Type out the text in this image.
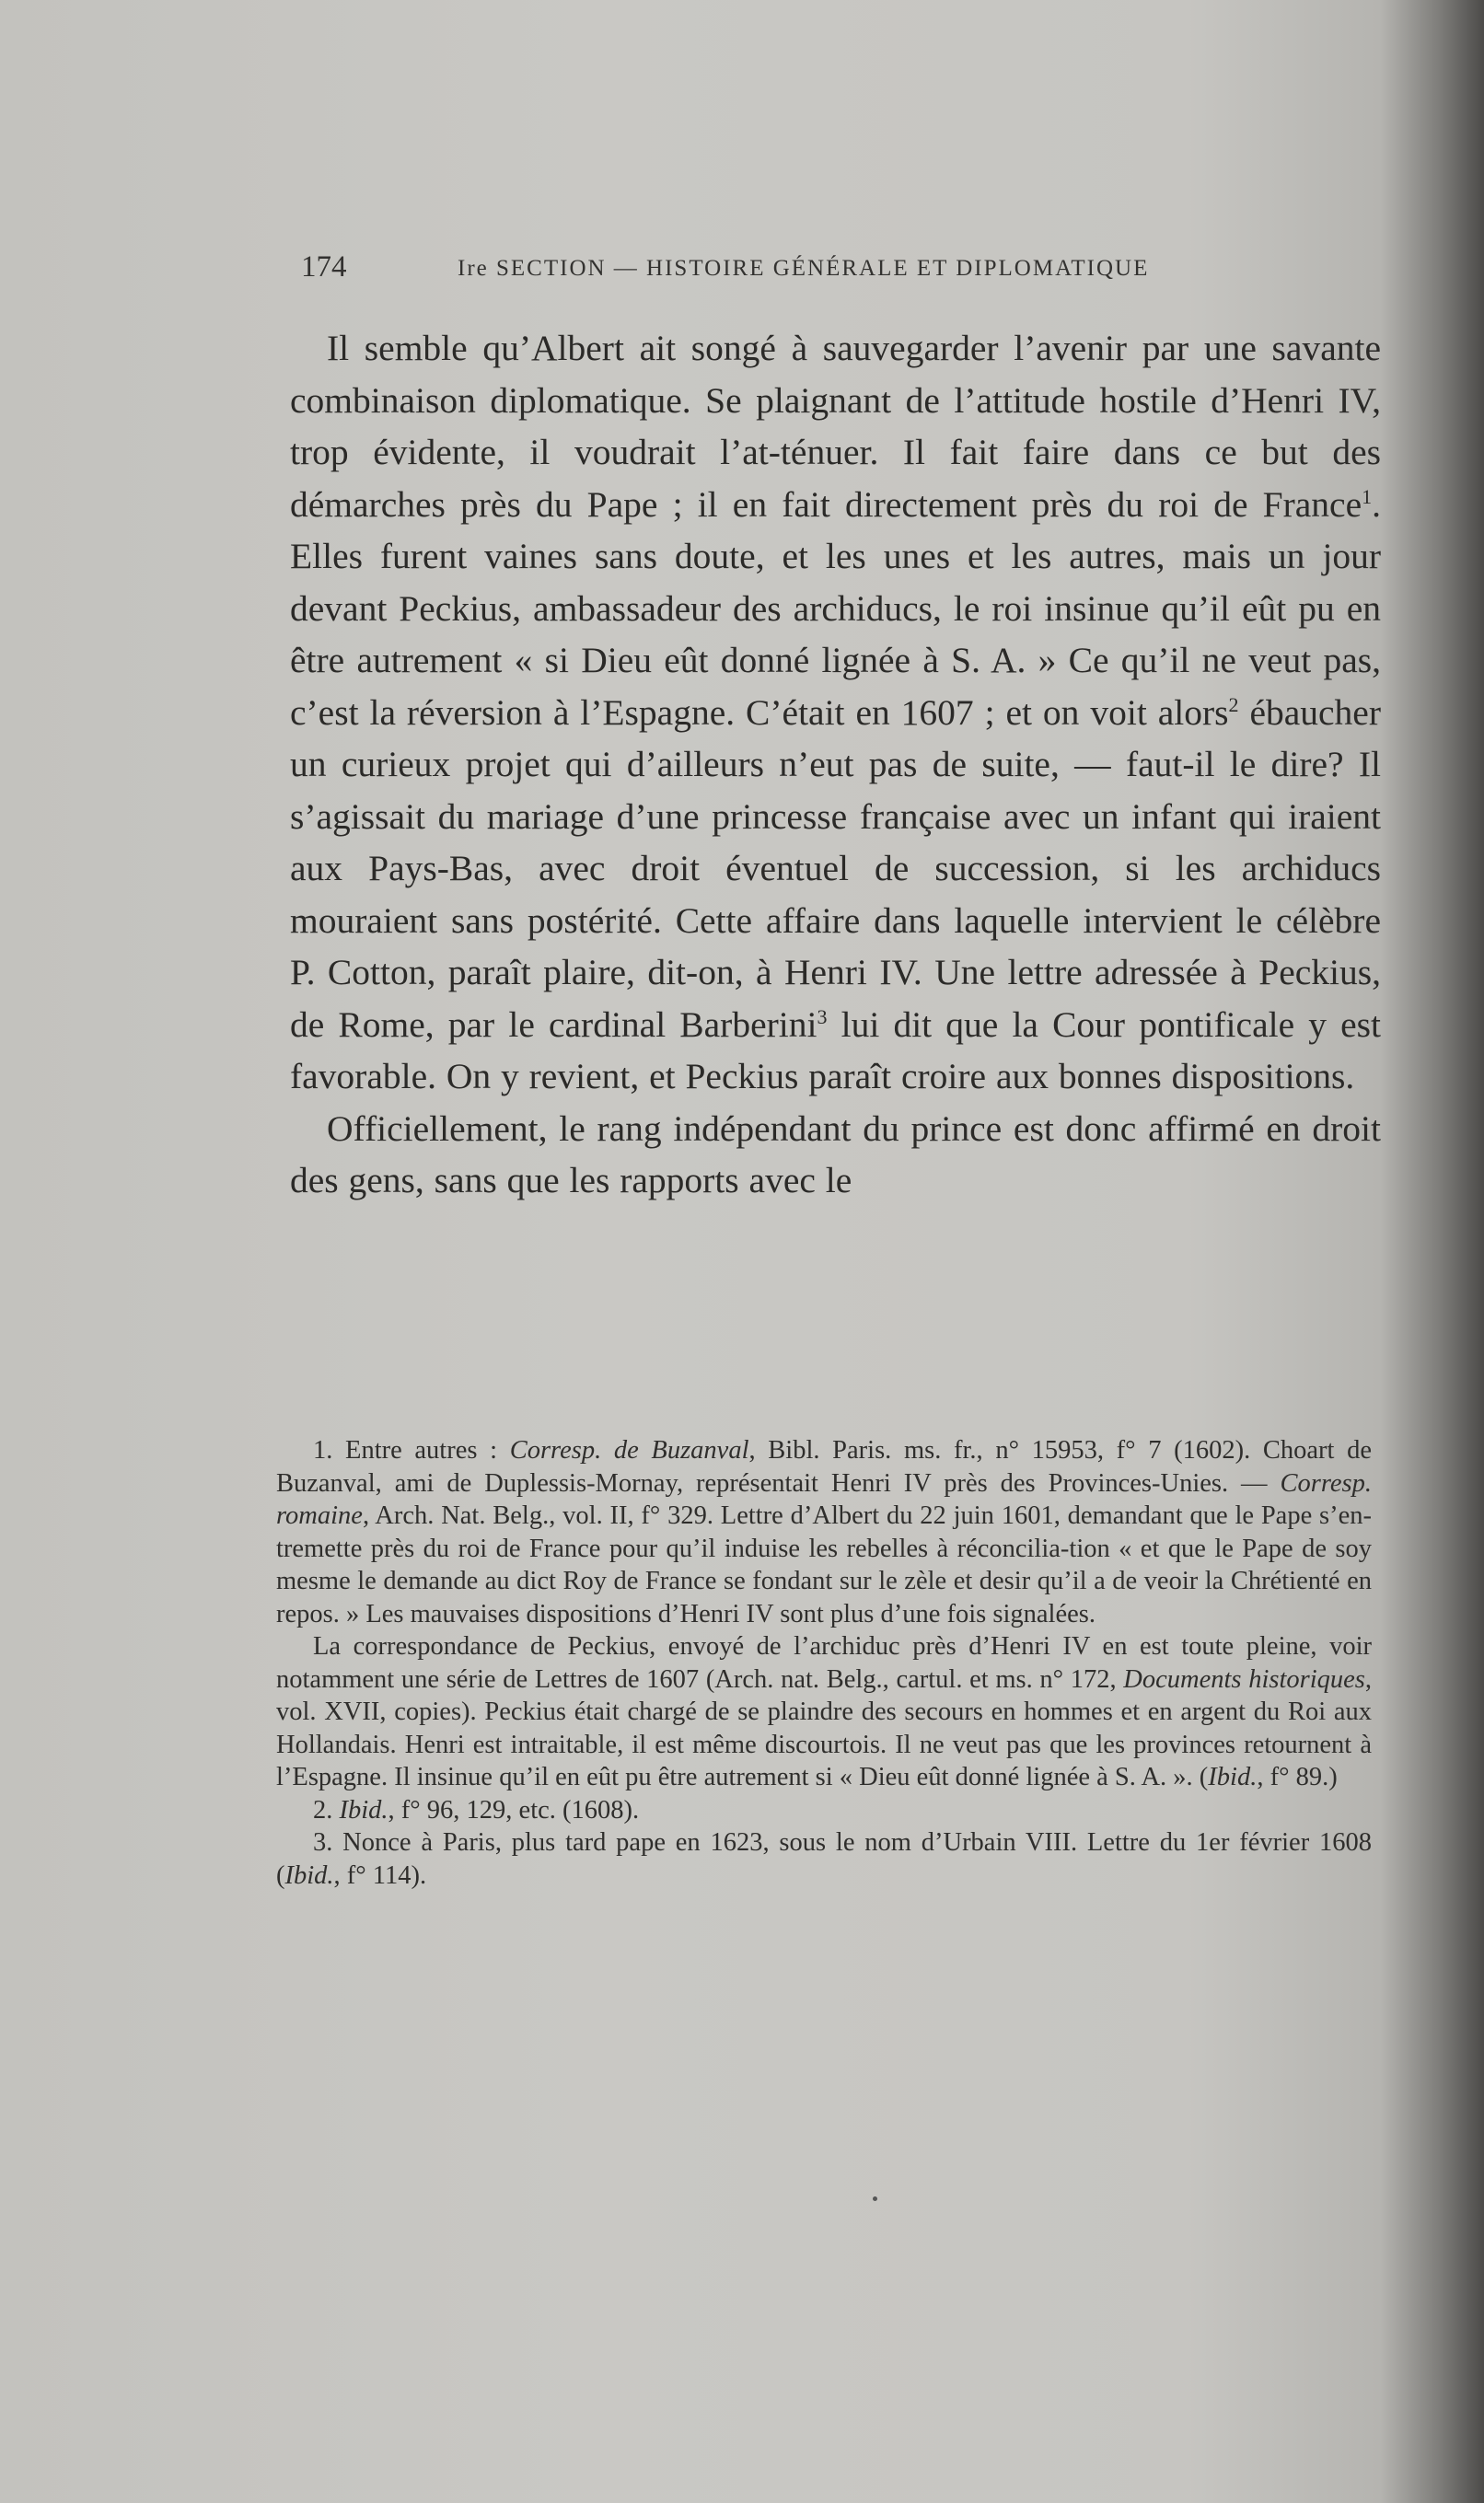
174	Ire SECTION — HISTOIRE GÉNÉRALE ET DIPLOMATIQUE

Il semble qu’Albert ait songé à sauvegarder l’avenir par une savante combinaison diplomatique. Se plaignant de l’attitude hostile d’Henri IV, trop évidente, il voudrait l’at-ténuer. Il fait faire dans ce but des démarches près du Pape ; il en fait directement près du roi de France$^1$. Elles furent vaines sans doute, et les unes et les autres, mais un jour devant Peckius, ambassadeur des archiducs, le roi insinue qu’il eût pu en être autrement « si Dieu eût donné lignée à S. A. » Ce qu’il ne veut pas, c’est la réversion à l’Espagne. C’était en 1607 ; et on voit alors$^2$ ébaucher un curieux projet qui d’ailleurs n’eut pas de suite, — faut-il le dire? Il s’agissait du mariage d’une princesse française avec un infant qui iraient aux Pays-Bas, avec droit éventuel de succession, si les archiducs mouraient sans postérité. Cette affaire dans laquelle intervient le célèbre P. Cotton, paraît plaire, dit-on, à Henri IV. Une lettre adressée à Peckius, de Rome, par le cardinal Barberini$^3$ lui dit que la Cour pontificale y est favorable. On y revient, et Peckius paraît croire aux bonnes dispositions.

Officiellement, le rang indépendant du prince est donc affirmé en droit des gens, sans que les rapports avec le

1. Entre autres : Corresp. de Buzanval, Bibl. Paris. ms. fr., n° 15953, f° 7 (1602). Choart de Buzanval, ami de Duplessis-Mornay, représentait Henri IV près des Provinces-Unies. — Corresp. romaine, Arch. Nat. Belg., vol. II, f° 329. Lettre d’Albert du 22 juin 1601, demandant que le Pape s’en-tremette près du roi de France pour qu’il induise les rebelles à réconcilia-tion « et que le Pape de soy mesme le demande au dict Roy de France se fondant sur le zèle et desir qu’il a de veoir la Chrétienté en repos. » Les mauvaises dispositions d’Henri IV sont plus d’une fois signalées.

La correspondance de Peckius, envoyé de l’archiduc près d’Henri IV en est toute pleine, voir notamment une série de Lettres de 1607 (Arch. nat. Belg., cartul. et ms. n° 172, Documents historiques, vol. XVII, copies). Peckius était chargé de se plaindre des secours en hommes et en argent du Roi aux Hollandais. Henri est intraitable, il est même discourtois. Il ne veut pas que les provinces retournent à l’Espagne. Il insinue qu’il en eût pu être autrement si « Dieu eût donné lignée à S. A. ». (Ibid., f° 89.)

2. Ibid., f° 96, 129, etc. (1608).

3. Nonce à Paris, plus tard pape en 1623, sous le nom d’Urbain VIII. Lettre du 1er février 1608 (Ibid., f° 114).
